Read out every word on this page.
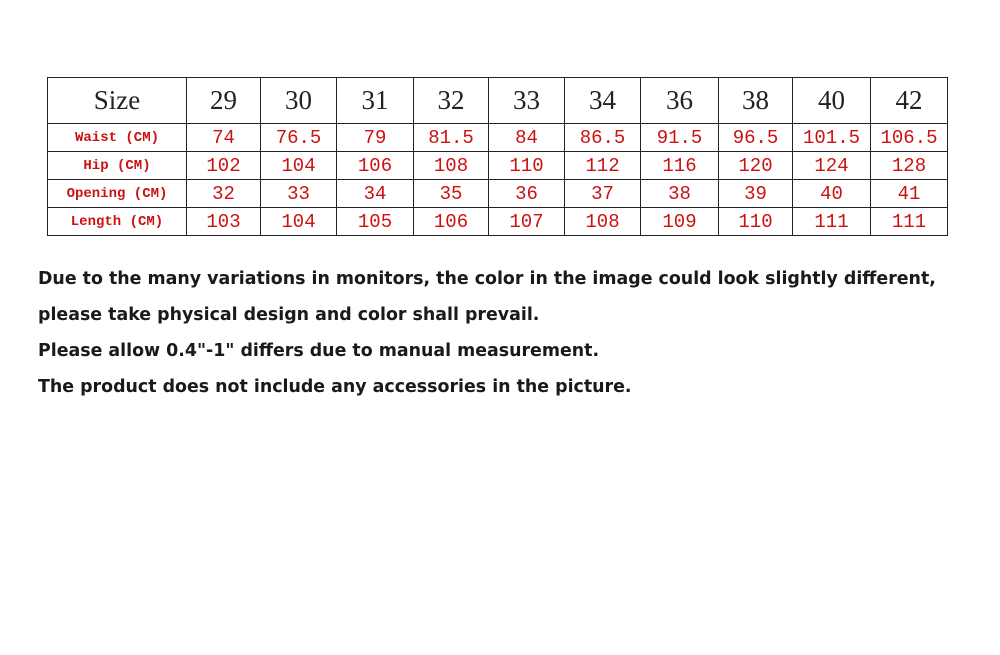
Size	29	30	31	32	33	34	36	38	40	42
Waist (CM)	74	76.5	79	81.5	84	86.5	91.5	96.5	101.5	106.5
Hip (CM)	102	104	106	108	110	112	116	120	124	128
Opening (CM)	32	33	34	35	36	37	38	39	40	41
Length (CM)	103	104	105	106	107	108	109	110	111	111

Due to the many variations in monitors, the color in the image could look slightly different,

please take physical design and color shall prevail.

Please allow 0.4"-1" differs due to manual measurement.

The product does not include any accessories in the picture.
